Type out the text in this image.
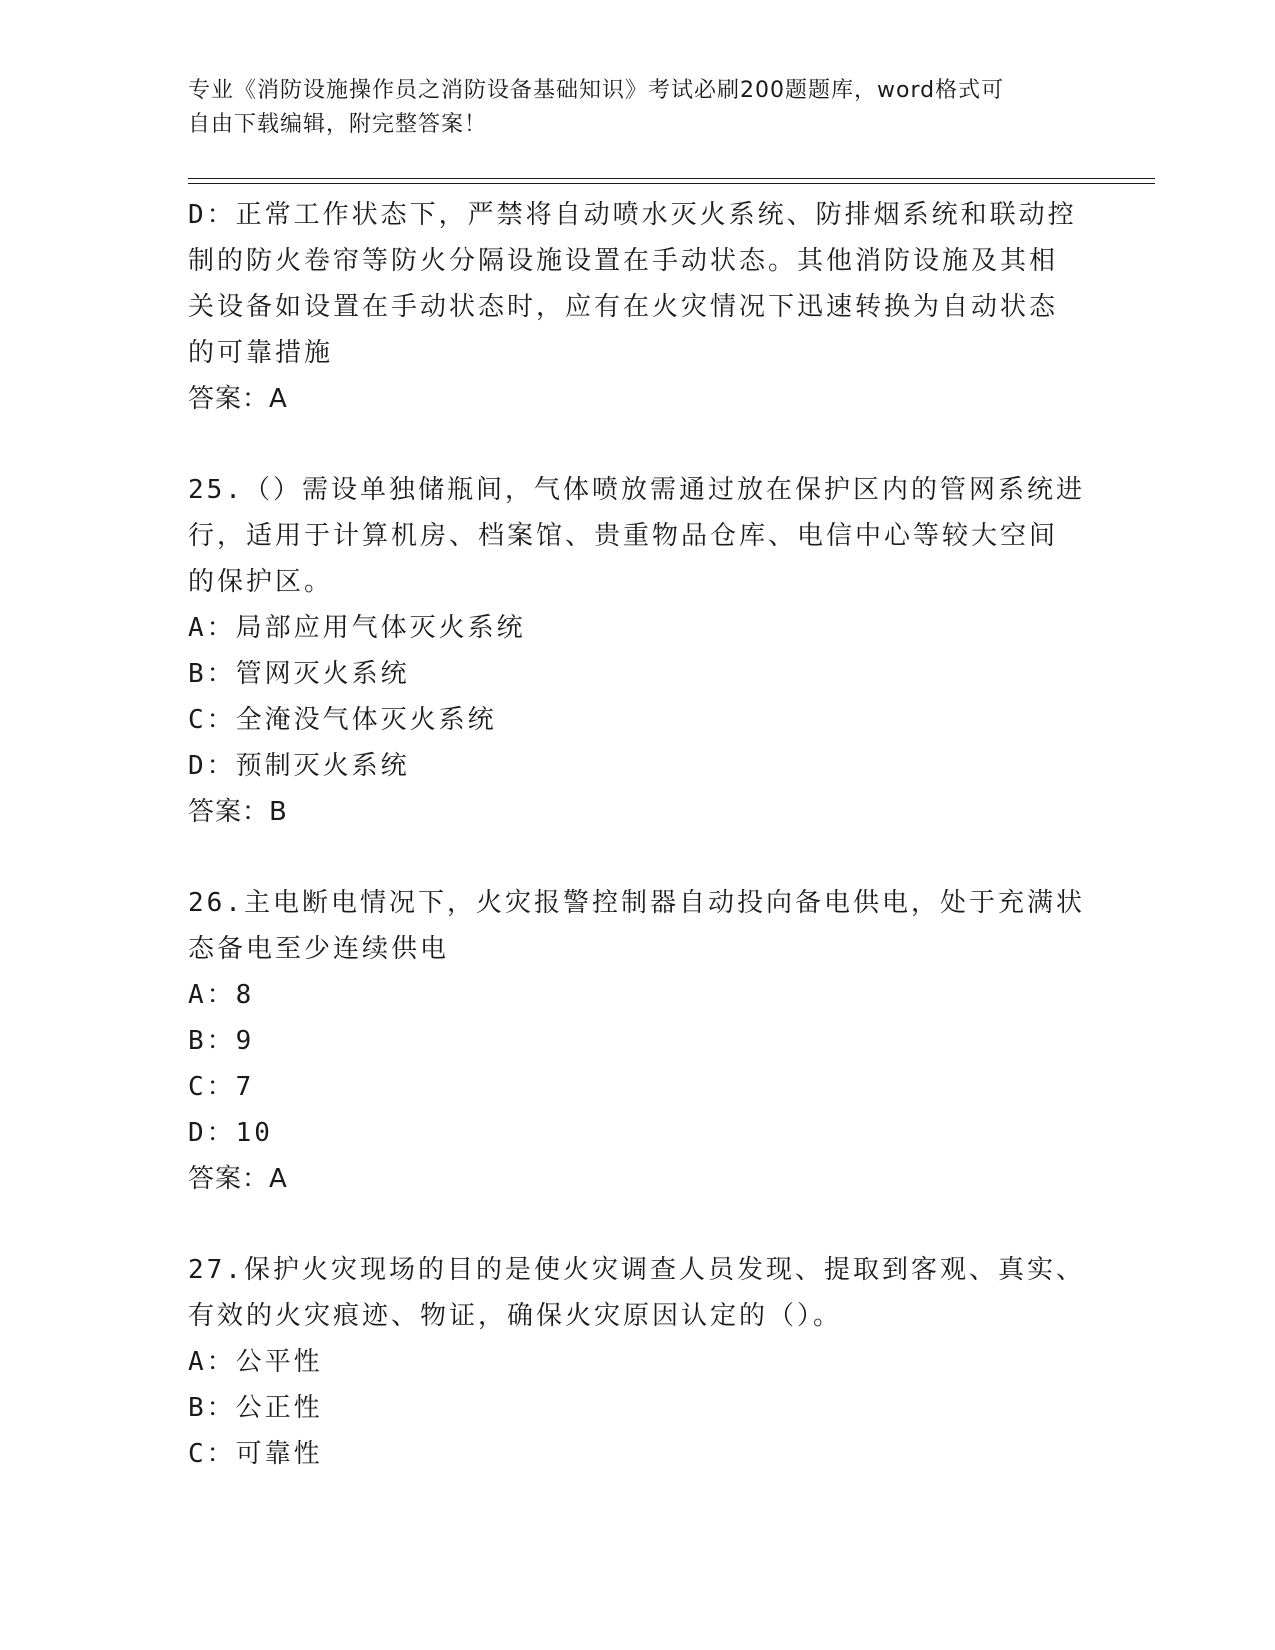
专业《消防设施操作员之消防设备基础知识》考试必刷200题题库，word格式可
自由下载编辑，附完整答案！

D：正常工作状态下，严禁将自动喷水灭火系统、防排烟系统和联动控

制的防火卷帘等防火分隔设施设置在手动状态。其他消防设施及其相

关设备如设置在手动状态时，应有在火灾情况下迅速转换为自动状态

的可靠措施

答案：A

25.（）需设单独储瓶间，气体喷放需通过放在保护区内的管网系统进

行，适用于计算机房、档案馆、贵重物品仓库、电信中心等较大空间

的保护区。

A：局部应用气体灭火系统

B：管网灭火系统

C：全淹没气体灭火系统

D：预制灭火系统

答案：B

26.主电断电情况下，火灾报警控制器自动投向备电供电，处于充满状

态备电至少连续供电

A：8

B：9

C：7

D：10

答案：A

27.保护火灾现场的目的是使火灾调查人员发现、提取到客观、真实、

有效的火灾痕迹、物证，确保火灾原因认定的（）。

A：公平性

B：公正性

C：可靠性
